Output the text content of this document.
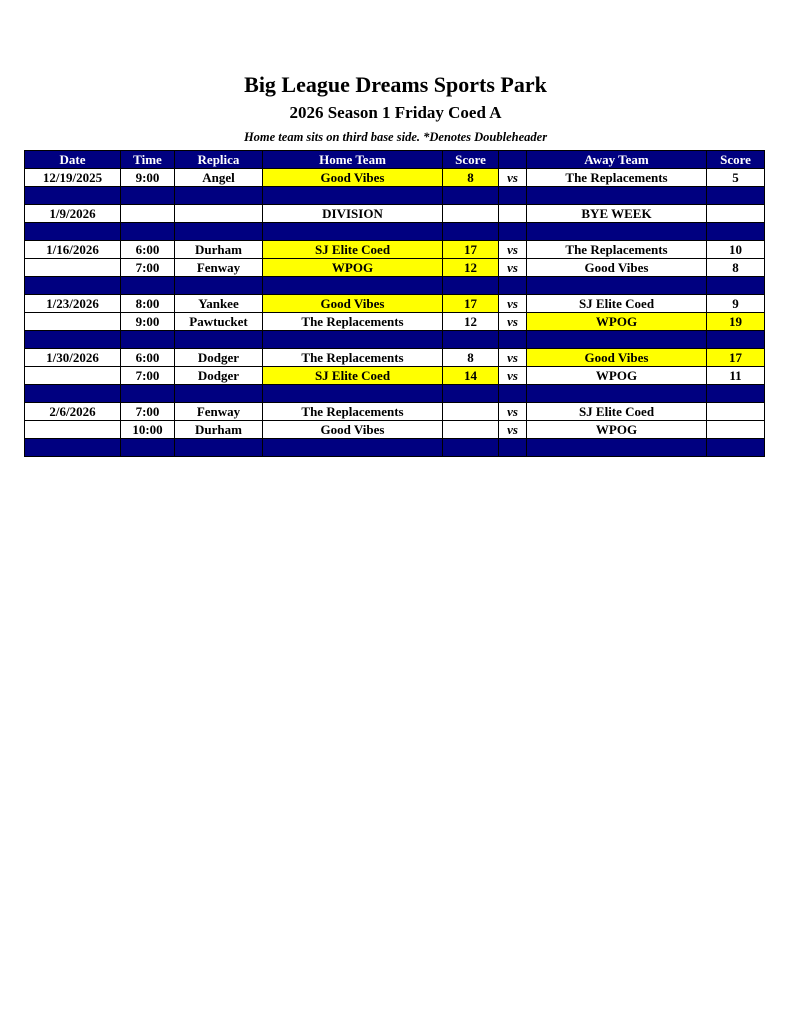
Big League Dreams Sports Park
2026 Season 1 Friday Coed A
Home team sits on third base side. *Denotes Doubleheader
Date	Time	Replica	Home Team	Score		Away Team	Score
12/19/2025	9:00	Angel	Good Vibes	8	vs	The Replacements	5

1/9/2026			DIVISION			BYE WEEK	

1/16/2026	6:00	Durham	SJ Elite Coed	17	vs	The Replacements	10
	7:00	Fenway	WPOG	12	vs	Good Vibes	8

1/23/2026	8:00	Yankee	Good Vibes	17	vs	SJ Elite Coed	9
	9:00	Pawtucket	The Replacements	12	vs	WPOG	19

1/30/2026	6:00	Dodger	The Replacements	8	vs	Good Vibes	17
	7:00	Dodger	SJ Elite Coed	14	vs	WPOG	11

2/6/2026	7:00	Fenway	The Replacements		vs	SJ Elite Coed	
	10:00	Durham	Good Vibes		vs	WPOG	
